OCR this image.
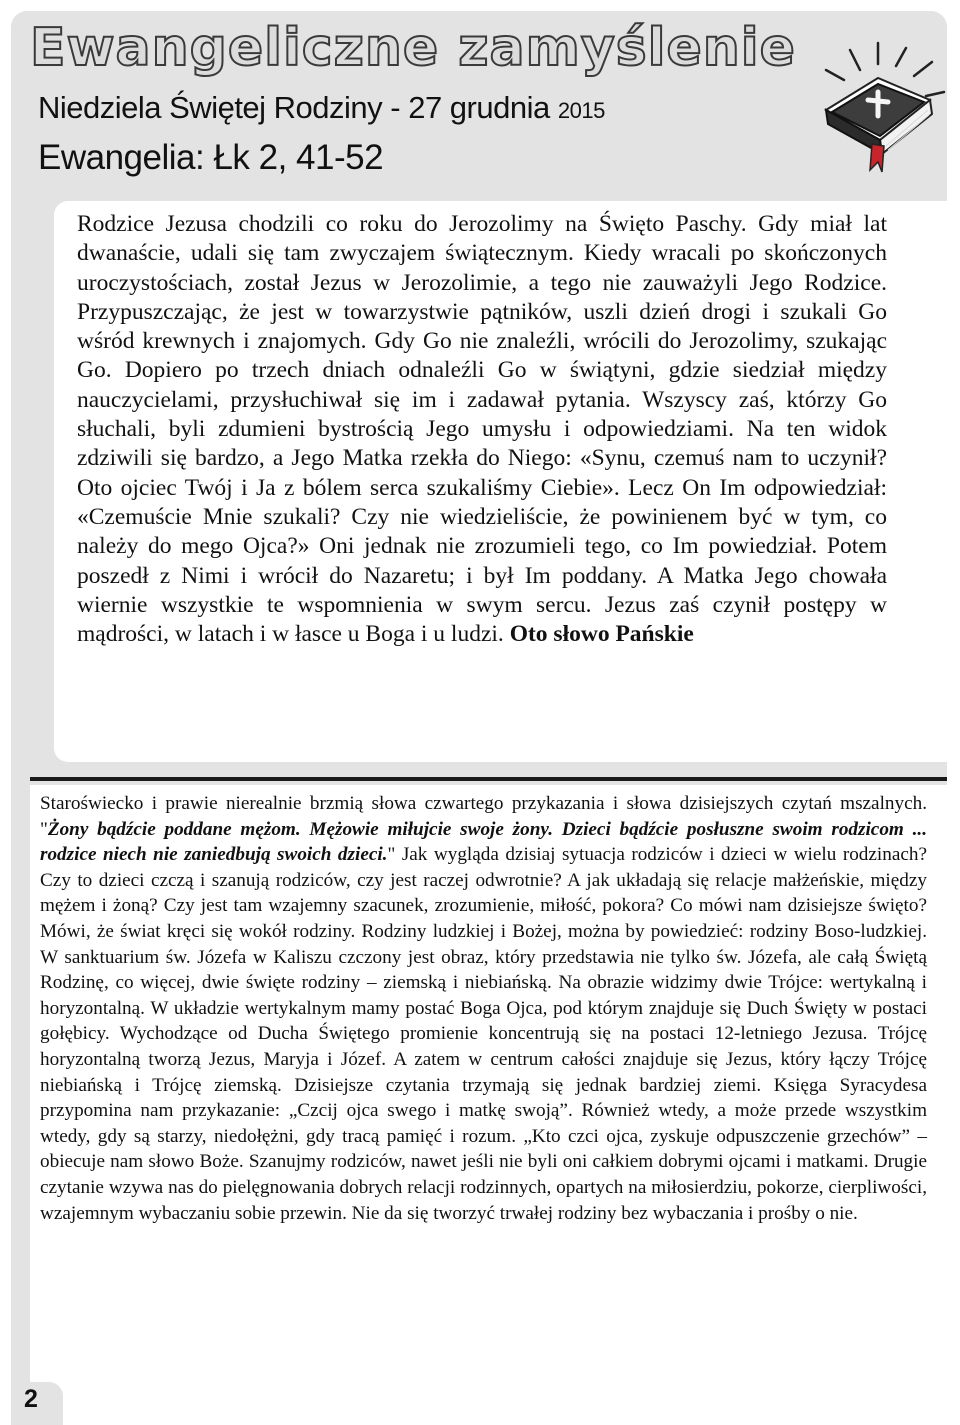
Ewangeliczne zamyślenie
Niedziela Świętej Rodziny - 27 grudnia 2015
Ewangelia: Łk 2, 41-52

Rodzice Jezusa chodzili co roku do Jerozolimy na Święto Paschy. Gdy miał lat dwanaście, udali się tam zwyczajem świątecznym. Kiedy wracali po skończonych uroczystościach, został Jezus w Jerozolimie, a tego nie zauważyli Jego Rodzice. Przypuszczając, że jest w towarzystwie pątników, uszli dzień drogi i szukali Go wśród krewnych i znajomych. Gdy Go nie znaleźli, wrócili do Jerozolimy, szukając Go. Dopiero po trzech dniach odnaleźli Go w świątyni, gdzie siedział między nauczycielami, przysłuchiwał się im i zadawał pytania. Wszyscy zaś, którzy Go słuchali, byli zdumieni bystrością Jego umysłu i odpowiedziami. Na ten widok zdziwili się bardzo, a Jego Matka rzekła do Niego: «Synu, czemuś nam to uczynił? Oto ojciec Twój i Ja z bólem serca szukaliśmy Ciebie». Lecz On Im odpowiedział: «Czemuście Mnie szukali? Czy nie wiedzieliście, że powinienem być w tym, co należy do mego Ojca?» Oni jednak nie zrozumieli tego, co Im powiedział. Potem poszedł z Nimi i wrócił do Nazaretu; i był Im poddany. A Matka Jego chowała wiernie wszystkie te wspomnienia w swym sercu. Jezus zaś czynił postępy w mądrości, w latach i w łasce u Boga i u ludzi. Oto słowo Pańskie

Staroświecko i prawie nierealnie brzmią słowa czwartego przykazania i słowa dzisiejszych czytań mszalnych. "Żony bądźcie poddane mężom. Mężowie miłujcie swoje żony. Dzieci bądźcie posłuszne swoim rodzicom ... rodzice niech nie zaniedbują swoich dzieci." Jak wygląda dzisiaj sytuacja rodziców i dzieci w wielu rodzinach? Czy to dzieci czczą i szanują rodziców, czy jest raczej odwrotnie? A jak układają się relacje małżeńskie, między mężem i żoną? Czy jest tam wzajemny szacunek, zrozumienie, miłość, pokora? Co mówi nam dzisiejsze święto? Mówi, że świat kręci się wokół rodziny. Rodziny ludzkiej i Bożej, można by powiedzieć: rodziny Boso-ludzkiej. W sanktuarium św. Józefa w Kaliszu czczony jest obraz, który przedstawia nie tylko św. Józefa, ale całą Świętą Rodzinę, co więcej, dwie święte rodziny – ziemską i niebiańską. Na obrazie widzimy dwie Trójce: wertykalną i horyzontalną. W układzie wertykalnym mamy postać Boga Ojca, pod którym znajduje się Duch Święty w postaci gołębicy. Wychodzące od Ducha Świętego promienie koncentrują się na postaci 12-letniego Jezusa. Trójcę horyzontalną tworzą Jezus, Maryja i Józef. A zatem w centrum całości znajduje się Jezus, który łączy Trójcę niebiańską i Trójcę ziemską. Dzisiejsze czytania trzymają się jednak bardziej ziemi. Księga Syracydesa przypomina nam przykazanie: „Czcij ojca swego i matkę swoją”. Również wtedy, a może przede wszystkim wtedy, gdy są starzy, niedołężni, gdy tracą pamięć i rozum. „Kto czci ojca, zyskuje odpuszczenie grzechów” – obiecuje nam słowo Boże. Szanujmy rodziców, nawet jeśli nie byli oni całkiem dobrymi ojcami i matkami. Drugie czytanie wzywa nas do pielęgnowania dobrych relacji rodzinnych, opartych na miłosierdziu, pokorze, cierpliwości, wzajemnym wybaczaniu sobie przewin. Nie da się tworzyć trwałej rodziny bez wybaczania i prośby o nie.

2
